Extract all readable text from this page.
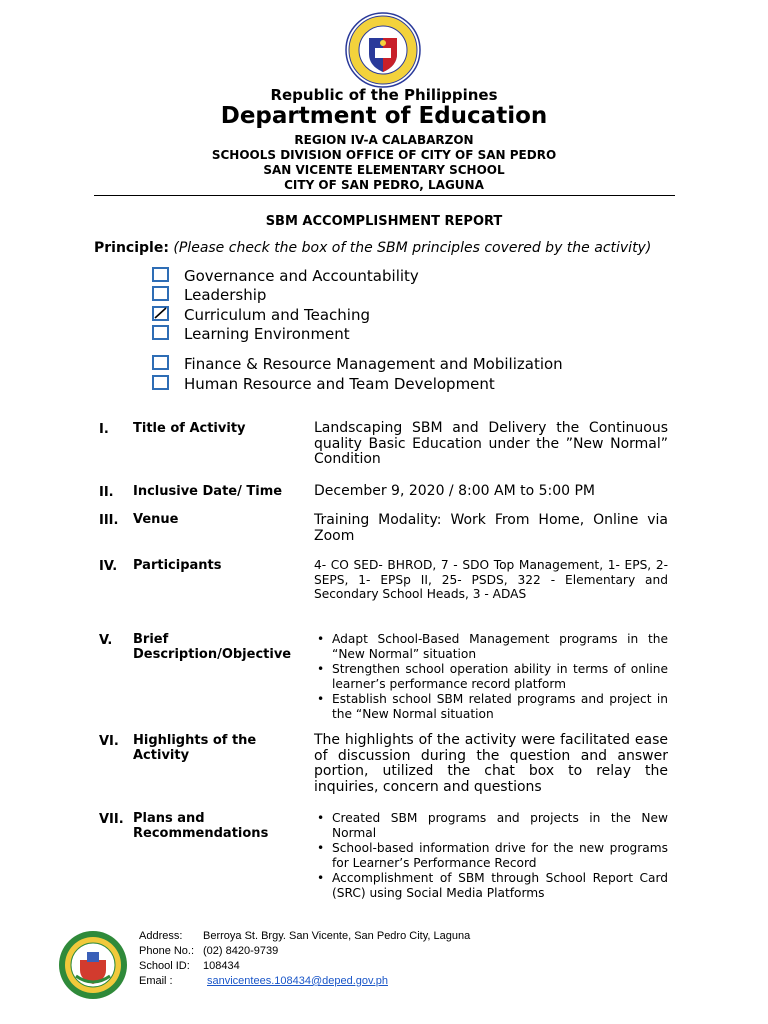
Republic of the Philippines
Department of Education
REGION IV-A CALABARZON
SCHOOLS DIVISION OFFICE OF CITY OF SAN PEDRO
SAN VICENTE ELEMENTARY SCHOOL
CITY OF SAN PEDRO, LAGUNA
SBM ACCOMPLISHMENT REPORT
Principle: (Please check the box of the SBM principles covered by the activity)
Governance and Accountability
Leadership
Curriculum and Teaching
Learning Environment
Finance & Resource Management and Mobilization
Human Resource and Team Development
I. Title of Activity	Landscaping SBM and Delivery the Continuous quality Basic Education under the ”New Normal” Condition
II. Inclusive Date/ Time	December 9, 2020 / 8:00 AM to 5:00 PM
III. Venue	Training Modality: Work From Home, Online via Zoom
IV. Participants	4- CO SED- BHROD, 7 - SDO Top Management, 1- EPS, 2- SEPS, 1- EPSp II, 25- PSDS, 322 - Elementary and Secondary School Heads, 3 - ADAS
V. Brief Description/Objective
• Adapt School-Based Management programs in the “New Normal” situation
• Strengthen school operation ability in terms of online learner’s performance record platform
• Establish school SBM related programs and project in the “New Normal situation
VI. Highlights of the Activity
The highlights of the activity were facilitated ease of discussion during the question and answer portion, utilized the chat box to relay the inquiries, concern and questions
VII. Plans and Recommendations
• Created SBM programs and projects in the New Normal
• School-based information drive for the new programs for Learner’s Performance Record
• Accomplishment of SBM through School Report Card (SRC) using Social Media Platforms
Address: Berroya St. Brgy. San Vicente, San Pedro City, Laguna
Phone No.: (02) 8420-9739
School ID: 108434
Email :	sanvicentees.108434@deped.gov.ph
